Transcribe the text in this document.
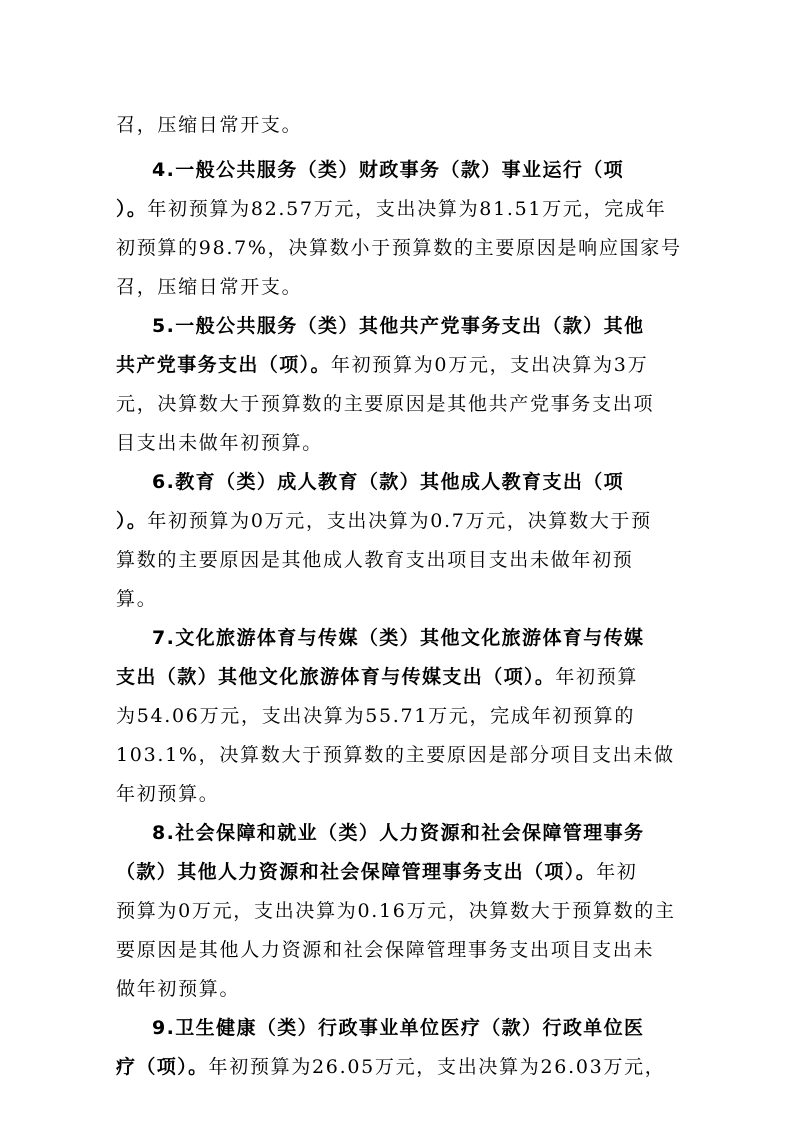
召，压缩日常开支。
4.一般公共服务（类）财政事务（款）事业运行（项
）。年初预算为82.57万元，支出决算为81.51万元，完成年
初预算的98.7%，决算数小于预算数的主要原因是响应国家号
召，压缩日常开支。
5.一般公共服务（类）其他共产党事务支出（款）其他
共产党事务支出（项）。年初预算为0万元，支出决算为3万
元，决算数大于预算数的主要原因是其他共产党事务支出项
目支出未做年初预算。
6.教育（类）成人教育（款）其他成人教育支出（项
）。年初预算为0万元，支出决算为0.7万元，决算数大于预
算数的主要原因是其他成人教育支出项目支出未做年初预
算。
7.文化旅游体育与传媒（类）其他文化旅游体育与传媒
支出（款）其他文化旅游体育与传媒支出（项）。年初预算
为54.06万元，支出决算为55.71万元，完成年初预算的
103.1%，决算数大于预算数的主要原因是部分项目支出未做
年初预算。
8.社会保障和就业（类）人力资源和社会保障管理事务
（款）其他人力资源和社会保障管理事务支出（项）。年初
预算为0万元，支出决算为0.16万元，决算数大于预算数的主
要原因是其他人力资源和社会保障管理事务支出项目支出未
做年初预算。
9.卫生健康（类）行政事业单位医疗（款）行政单位医
疗（项）。年初预算为26.05万元，支出决算为26.03万元，
